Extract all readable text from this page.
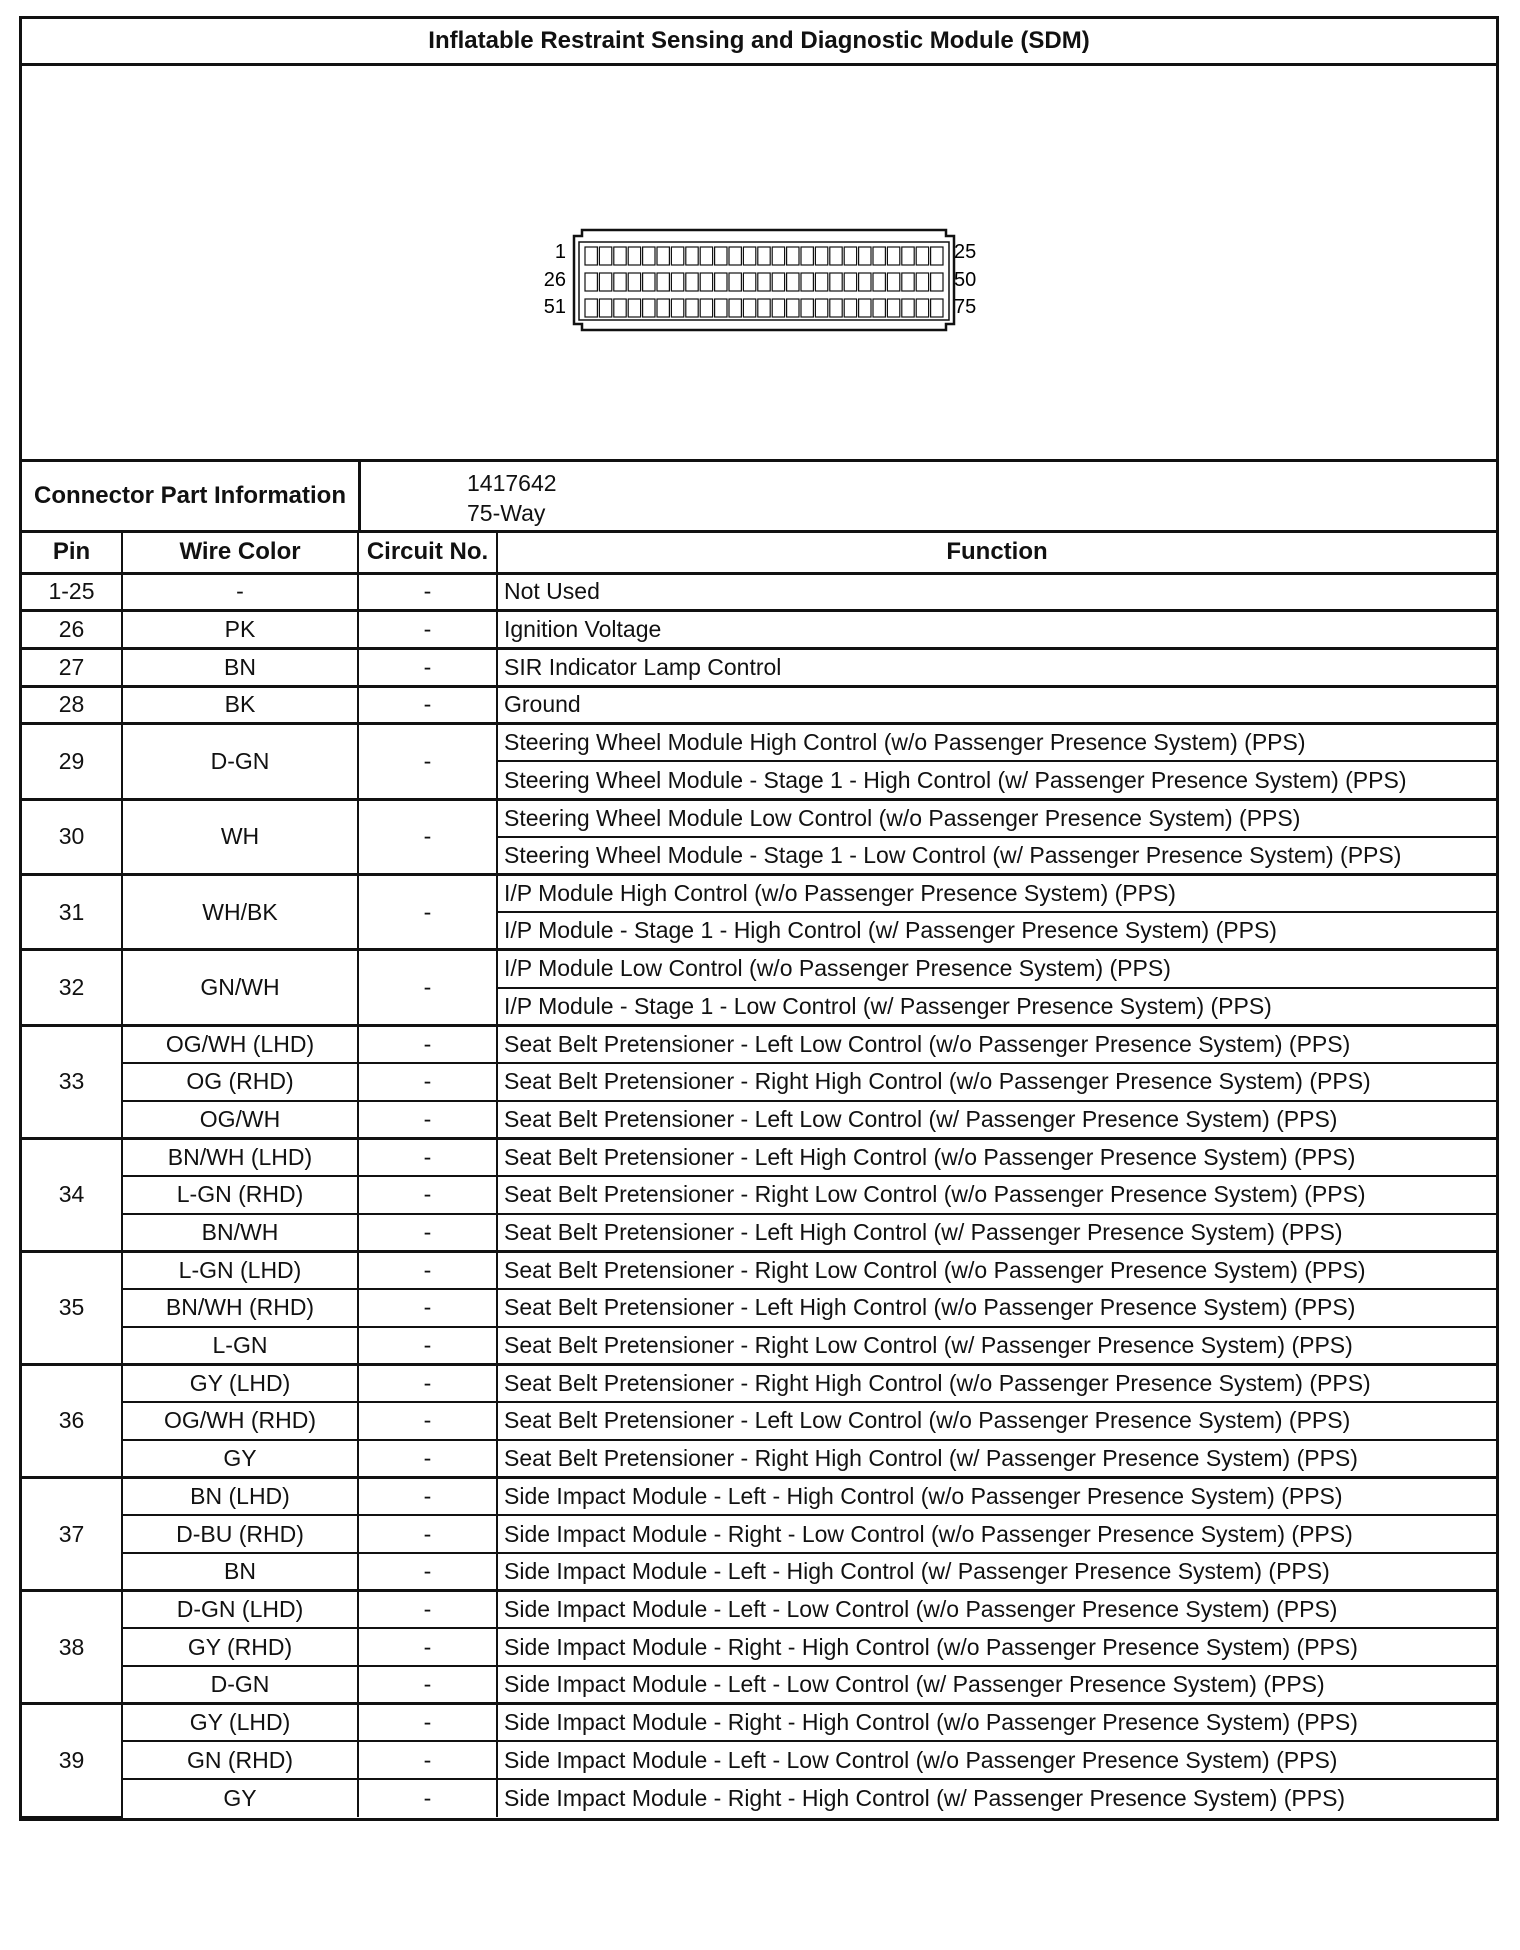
Inflatable Restraint Sensing and Diagnostic Module (SDM)
1
26
51
25
50
75
Connector Part Information	1417642
75-Way
Pin	Wire Color	Circuit No.	Function
1-25	-	-	Not Used
26	PK	-	Ignition Voltage
27	BN	-	SIR Indicator Lamp Control
28	BK	-	Ground
29	D-GN	-	Steering Wheel Module High Control (w/o Passenger Presence System) (PPS)
			Steering Wheel Module - Stage 1 - High Control (w/ Passenger Presence System) (PPS)
30	WH	-	Steering Wheel Module Low Control (w/o Passenger Presence System) (PPS)
			Steering Wheel Module - Stage 1 - Low Control (w/ Passenger Presence System) (PPS)
31	WH/BK	-	I/P Module High Control (w/o Passenger Presence System) (PPS)
			I/P Module - Stage 1 - High Control (w/ Passenger Presence System) (PPS)
32	GN/WH	-	I/P Module Low Control (w/o Passenger Presence System) (PPS)
			I/P Module - Stage 1 - Low Control (w/ Passenger Presence System) (PPS)
33	OG/WH (LHD)	-	Seat Belt Pretensioner - Left Low Control (w/o Passenger Presence System) (PPS)
	OG (RHD)	-	Seat Belt Pretensioner - Right High Control (w/o Passenger Presence System) (PPS)
	OG/WH	-	Seat Belt Pretensioner - Left Low Control (w/ Passenger Presence System) (PPS)
34	BN/WH (LHD)	-	Seat Belt Pretensioner - Left High Control (w/o Passenger Presence System) (PPS)
	L-GN (RHD)	-	Seat Belt Pretensioner - Right Low Control (w/o Passenger Presence System) (PPS)
	BN/WH	-	Seat Belt Pretensioner - Left High Control (w/ Passenger Presence System) (PPS)
35	L-GN (LHD)	-	Seat Belt Pretensioner - Right Low Control (w/o Passenger Presence System) (PPS)
	BN/WH (RHD)	-	Seat Belt Pretensioner - Left High Control (w/o Passenger Presence System) (PPS)
	L-GN	-	Seat Belt Pretensioner - Right Low Control (w/ Passenger Presence System) (PPS)
36	GY (LHD)	-	Seat Belt Pretensioner - Right High Control (w/o Passenger Presence System) (PPS)
	OG/WH (RHD)	-	Seat Belt Pretensioner - Left Low Control (w/o Passenger Presence System) (PPS)
	GY	-	Seat Belt Pretensioner - Right High Control (w/ Passenger Presence System) (PPS)
37	BN (LHD)	-	Side Impact Module - Left - High Control (w/o Passenger Presence System) (PPS)
	D-BU (RHD)	-	Side Impact Module - Right - Low Control (w/o Passenger Presence System) (PPS)
	BN	-	Side Impact Module - Left - High Control (w/ Passenger Presence System) (PPS)
38	D-GN (LHD)	-	Side Impact Module - Left - Low Control (w/o Passenger Presence System) (PPS)
	GY (RHD)	-	Side Impact Module - Right - High Control (w/o Passenger Presence System) (PPS)
	D-GN	-	Side Impact Module - Left - Low Control (w/ Passenger Presence System) (PPS)
39	GY (LHD)	-	Side Impact Module - Right - High Control (w/o Passenger Presence System) (PPS)
	GN (RHD)	-	Side Impact Module - Left - Low Control (w/o Passenger Presence System) (PPS)
	GY	-	Side Impact Module - Right - High Control (w/ Passenger Presence System) (PPS)
